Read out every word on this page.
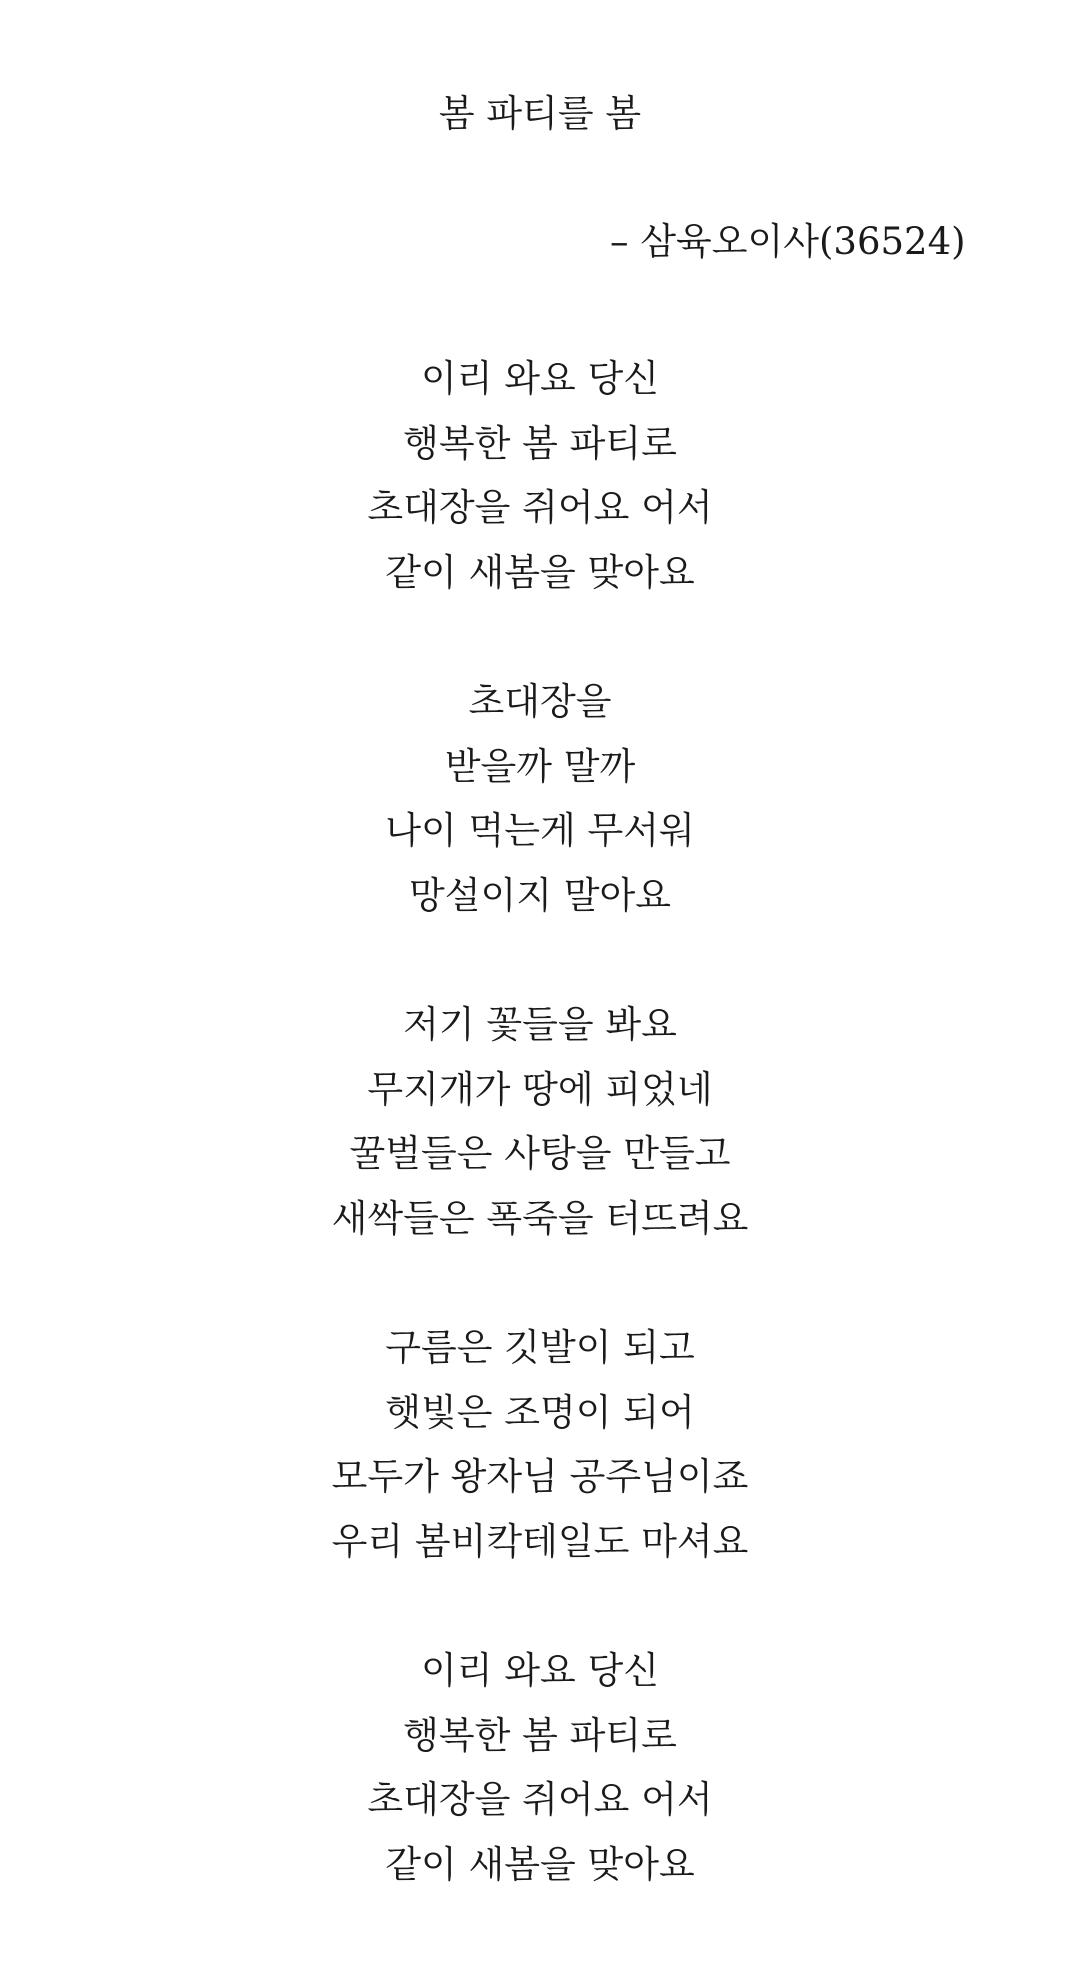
봄 파티를 봄
– 삼육오이사(36524)
이리 와요 당신
행복한 봄 파티로
초대장을 쥐어요 어서
같이 새봄을 맞아요
초대장을
받을까 말까
나이 먹는게 무서워
망설이지 말아요
저기 꽃들을 봐요
무지개가 땅에 피었네
꿀벌들은 사탕을 만들고
새싹들은 폭죽을 터뜨려요
구름은 깃발이 되고
햇빛은 조명이 되어
모두가 왕자님 공주님이죠
우리 봄비칵테일도 마셔요
이리 와요 당신
행복한 봄 파티로
초대장을 쥐어요 어서
같이 새봄을 맞아요
